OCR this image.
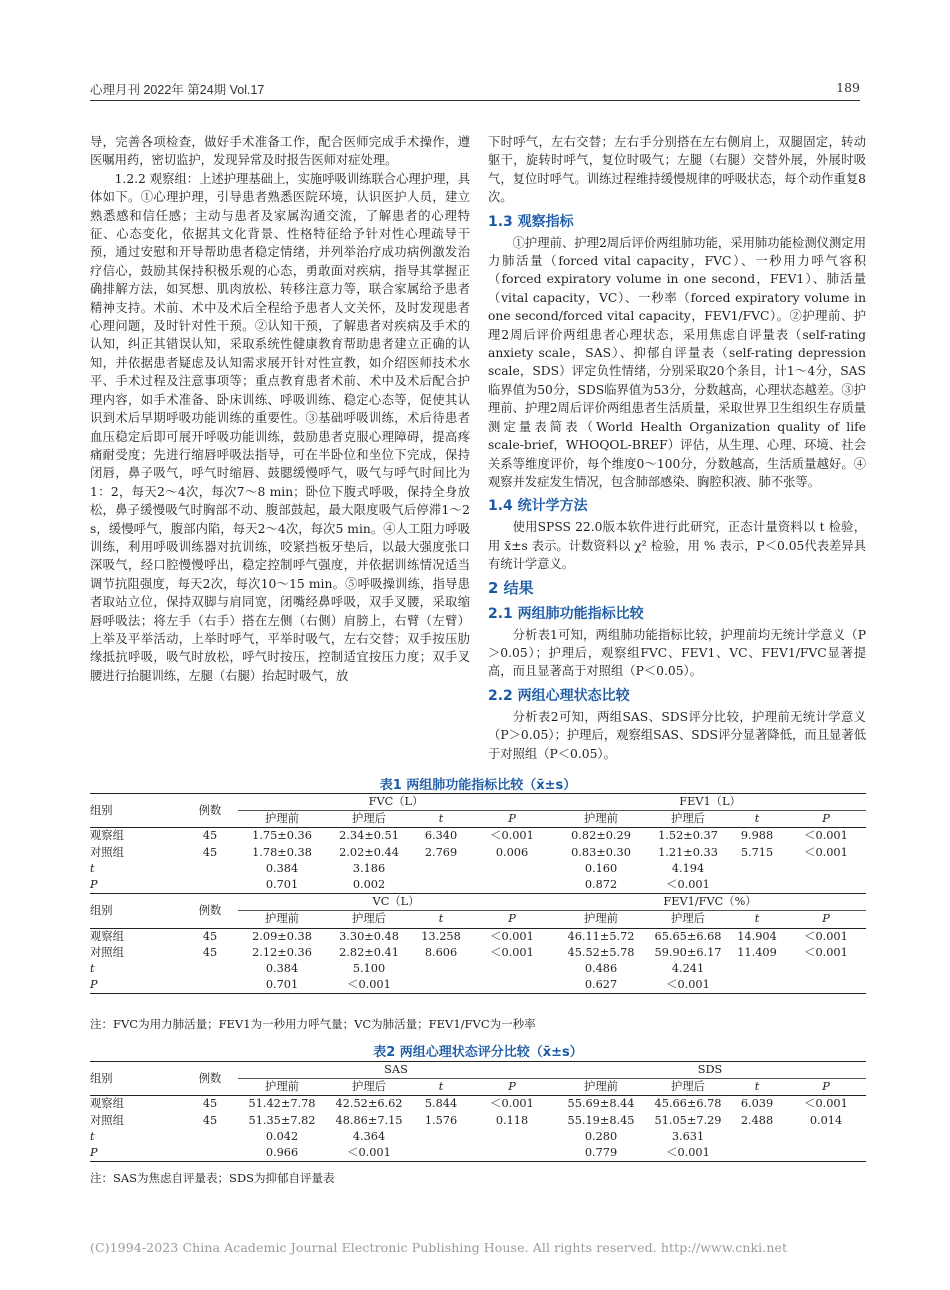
心理月刊 2022年 第24期 Vol.17	189

导，完善各项检查，做好手术准备工作，配合医师完成手术操作，遵医嘱用药，密切监护，发现异常及时报告医师对症处理。

1.2.2 观察组：上述护理基础上，实施呼吸训练联合心理护理，具体如下。①心理护理，引导患者熟悉医院环境，认识医护人员，建立熟悉感和信任感；主动与患者及家属沟通交流，了解患者的心理特征、心态变化，依据其文化背景、性格特征给予针对性心理疏导干预，通过安慰和开导帮助患者稳定情绪，并列举治疗成功病例激发治疗信心，鼓励其保持积极乐观的心态，勇敢面对疾病，指导其掌握正确排解方法，如冥想、肌肉放松、转移注意力等，联合家属给予患者精神支持。术前、术中及术后全程给予患者人文关怀，及时发现患者心理问题，及时针对性干预。②认知干预，了解患者对疾病及手术的认知，纠正其错误认知，采取系统性健康教育帮助患者建立正确的认知，并依据患者疑虑及认知需求展开针对性宣教，如介绍医师技术水平、手术过程及注意事项等；重点教育患者术前、术中及术后配合护理内容，如手术准备、卧床训练、呼吸训练、稳定心态等，促使其认识到术后早期呼吸功能训练的重要性。③基础呼吸训练，术后待患者血压稳定后即可展开呼吸功能训练，鼓励患者克服心理障碍，提高疼痛耐受度；先进行缩唇呼吸法指导，可在半卧位和坐位下完成，保持闭唇，鼻子吸气，呼气时缩唇、鼓腮缓慢呼气，吸气与呼气时间比为1：2，每天2～4次，每次7～8 min；卧位下腹式呼吸，保持全身放松，鼻子缓慢吸气时胸部不动、腹部鼓起，最大限度吸气后停滞1～2 s，缓慢呼气，腹部内陷，每天2～4次，每次5 min。④人工阻力呼吸训练，利用呼吸训练器对抗训练，咬紧挡板牙垫后，以最大强度张口深吸气，经口腔慢慢呼出，稳定控制呼气强度，并依据训练情况适当调节抗阻强度，每天2次，每次10～15 min。⑤呼吸操训练，指导患者取站立位，保持双脚与肩同宽，闭嘴经鼻呼吸，双手叉腰，采取缩唇呼吸法；将左手（右手）搭在左侧（右侧）肩膀上，右臂（左臂）上举及平举活动，上举时呼气，平举时吸气，左右交替；双手按压肋缘抵抗呼吸，吸气时放松，呼气时按压，控制适宜按压力度；双手叉腰进行抬腿训练，左腿（右腿）抬起时吸气，放

下时呼气，左右交替；左右手分别搭在左右侧肩上，双腿固定，转动躯干，旋转时呼气，复位时吸气；左腿（右腿）交替外展，外展时吸气，复位时呼气。训练过程维持缓慢规律的呼吸状态，每个动作重复8次。

1.3 观察指标

①护理前、护理2周后评价两组肺功能，采用肺功能检测仪测定用力肺活量（forced vital capacity，FVC）、一秒用力呼气容积（forced expiratory volume in one second，FEV1）、肺活量（vital capacity，VC）、一秒率（forced expiratory volume in one second/forced vital capacity，FEV1/FVC）。②护理前、护理2周后评价两组患者心理状态，采用焦虑自评量表（self-rating anxiety scale，SAS）、抑郁自评量表（self-rating depression scale，SDS）评定负性情绪，分别采取20个条目，计1～4分，SAS临界值为50分，SDS临界值为53分，分数越高，心理状态越差。③护理前、护理2周后评价两组患者生活质量，采取世界卫生组织生存质量测定量表简表（World Health Organization quality of life scale-brief，WHOQOL-BREF）评估，从生理、心理、环境、社会关系等维度评价，每个维度0～100分，分数越高，生活质量越好。④观察并发症发生情况，包含肺部感染、胸腔积液、肺不张等。

1.4 统计学方法

使用SPSS 22.0版本软件进行此研究，正态计量资料以 t 检验，用 x̄±s 表示。计数资料以 χ² 检验，用 % 表示，P＜0.05代表差异具有统计学意义。

2 结果
2.1 两组肺功能指标比较

分析表1可知，两组肺功能指标比较，护理前均无统计学意义（P＞0.05）；护理后，观察组FVC、FEV1、VC、FEV1/FVC显著提高，而且显著高于对照组（P＜0.05）。

2.2 两组心理状态比较

分析表2可知，两组SAS、SDS评分比较，护理前无统计学意义（P＞0.05）；护理后，观察组SAS、SDS评分显著降低，而且显著低于对照组（P＜0.05）。

表1 两组肺功能指标比较（x̄±s）
组别	例数	FVC（L）				FEV1（L）			
		护理前	护理后	t	P	护理前	护理后	t	P
观察组	45	1.75±0.36	2.34±0.51	6.340	＜0.001	0.82±0.29	1.52±0.37	9.988	＜0.001
对照组	45	1.78±0.38	2.02±0.44	2.769	0.006	0.83±0.30	1.21±0.33	5.715	＜0.001
t		0.384	3.186			0.160	4.194		
P		0.701	0.002			0.872	＜0.001		
组别	例数	VC（L）				FEV1/FVC（%）			
		护理前	护理后	t	P	护理前	护理后	t	P
观察组	45	2.09±0.38	3.30±0.48	13.258	＜0.001	46.11±5.72	65.65±6.68	14.904	＜0.001
对照组	45	2.12±0.36	2.82±0.41	8.606	＜0.001	45.52±5.78	59.90±6.17	11.409	＜0.001
t		0.384	5.100			0.486	4.241		
P		0.701	＜0.001			0.627	＜0.001		
注：FVC为用力肺活量；FEV1为一秒用力呼气量；VC为肺活量；FEV1/FVC为一秒率
表2 两组心理状态评分比较（x̄±s）
组别	例数	SAS				SDS			
		护理前	护理后	t	P	护理前	护理后	t	P
观察组	45	51.42±7.78	42.52±6.62	5.844	＜0.001	55.69±8.44	45.66±6.78	6.039	＜0.001
对照组	45	51.35±7.82	48.86±7.15	1.576	0.118	55.19±8.45	51.05±7.29	2.488	0.014
t		0.042	4.364			0.280	3.631		
P		0.966	＜0.001			0.779	＜0.001		
注：SAS为焦虑自评量表；SDS为抑郁自评量表
(C)1994-2023 China Academic Journal Electronic Publishing House. All rights reserved. http://www.cnki.net
